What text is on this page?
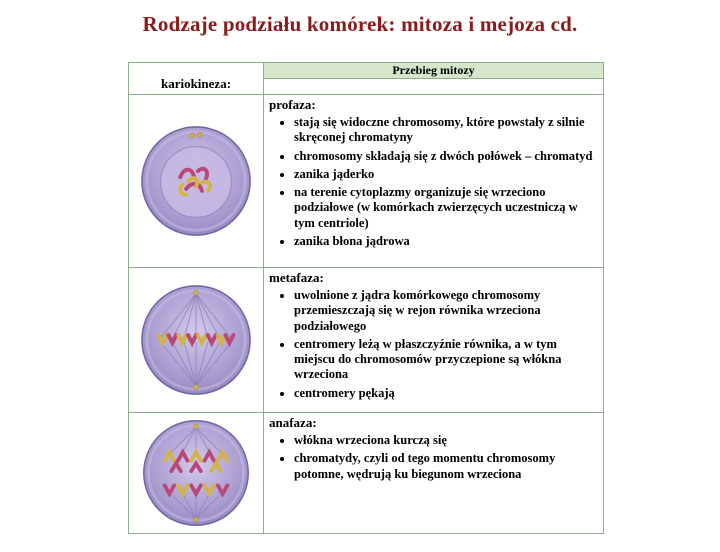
Rodzaje podziału komórek: mitoza i mejoza cd.
kariokineza:
Przebieg mitozy
profaza:
• stają się widoczne chromosomy, które powstały z silnie skręconej chromatyny
• chromosomy składają się z dwóch połówek – chromatyd
• zanika jąderko
• na terenie cytoplazmy organizuje się wrzeciono podziałowe (w komórkach zwierzęcych uczestniczą w tym centriole)
• zanika błona jądrowa
metafaza:
• uwolnione z jądra komórkowego chromosomy przemieszczają się w rejon równika wrzeciona podziałowego
• centromery leżą w płaszczyźnie równika, a w tym miejscu do chromosomów przyczepione są włókna wrzeciona
• centromery pękają
anafaza:
• włókna wrzeciona kurczą się
• chromatydy, czyli od tego momentu chromosomy potomne, wędrują ku biegunom wrzeciona
